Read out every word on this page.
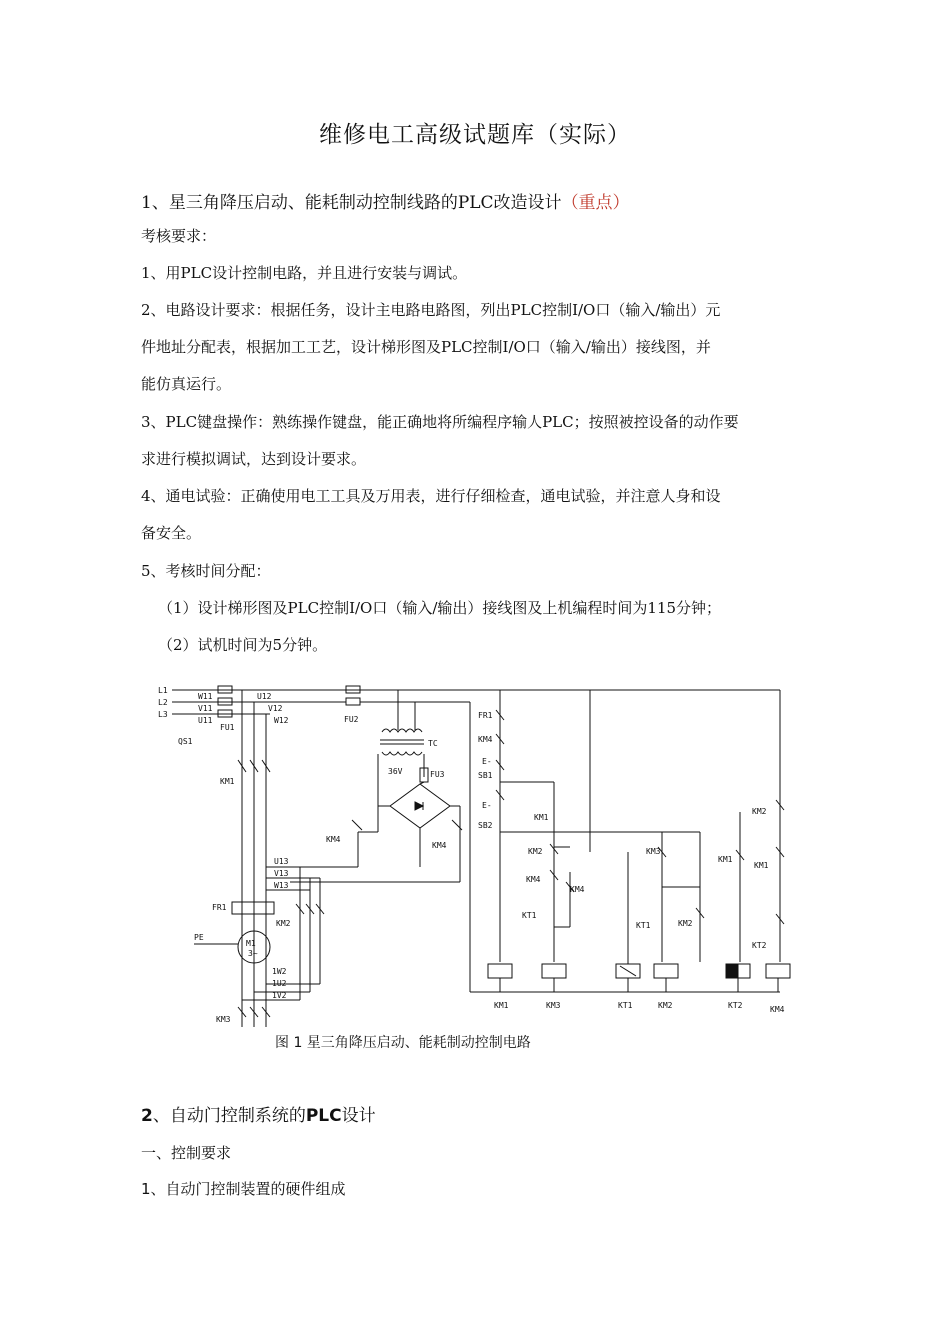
维修电工高级试题库（实际）
1、星三角降压启动、能耗制动控制线路的PLC改造设计（重点）
考核要求：
1、用PLC设计控制电路，并且进行安装与调试。
2、电路设计要求：根据任务，设计主电路电路图，列出PLC控制I/O口（输入/输出）元
件地址分配表，根据加工工艺，设计梯形图及PLC控制I/O口（输入/输出）接线图，并
能仿真运行。
3、PLC键盘操作：熟练操作键盘，能正确地将所编程序输人PLC；按照被控设备的动作要
求进行模拟调试，达到设计要求。
4、通电试验：正确使用电工工具及万用表，进行仔细检查，通电试验，并注意人身和设
备安全。
5、考核时间分配：
（1）设计梯形图及PLC控制I/O口（输入/输出）接线图及上机编程时间为115分钟；
（2）试机时间为5分钟。
L1
L2
L3
W11
V11
U11
U12
V12
W12
QS1
FU1
FU2
TC
36V	FU3
KM1
KM4
KM4
U13
V13
W13
FR1
KM2
M1
3~
PE
1W2
1U2
1V2
KM3
FR1
KM4
E-
SB1
E-
SB2
KM1
KM2
KM4
KT1
KM4
KM3
KT1	KM2
KM1
KM2
KM1
KT2
KM1	KM3	KT1	KM2	KT2	KM4
图 1 星三角降压启动、能耗制动控制电路
2、自动门控制系统的PLC设计
一、控制要求
1、自动门控制装置的硬件组成
